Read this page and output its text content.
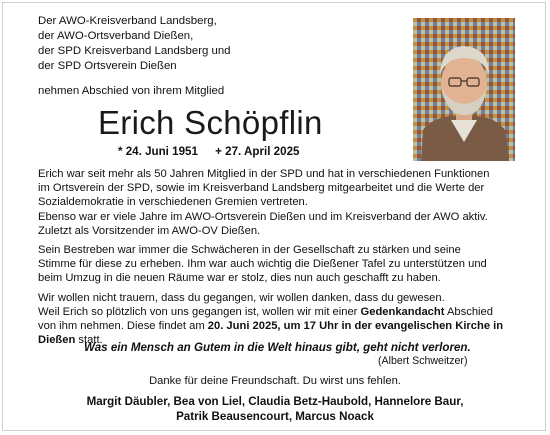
Der AWO-Kreisverband Landsberg,
der AWO-Ortsverband Dießen,
der SPD Kreisverband Landsberg und
der SPD Ortsverein Dießen
nehmen Abschied von ihrem Mitglied
Erich Schöpflin
* 24. Juni 1951 + 27. April 2025

Erich war seit mehr als 50 Jahren Mitglied in der SPD und hat in verschiedenen Funktionen
im Ortsverein der SPD, sowie im Kreisverband Landsberg mitgearbeitet und die Werte der
Sozialdemokratie in verschiedenen Gremien vertreten.
Ebenso war er viele Jahre im AWO-Ortsverein Dießen und im Kreisverband der AWO aktiv.
Zuletzt als Vorsitzender im AWO-OV Dießen.

Sein Bestreben war immer die Schwächeren in der Gesellschaft zu stärken und seine
Stimme für diese zu erheben. Ihm war auch wichtig die Dießener Tafel zu unterstützen und
beim Umzug in die neuen Räume war er stolz, dies nun auch geschafft zu haben.

Wir wollen nicht trauern, dass du gegangen, wir wollen danken, dass du gewesen.
Weil Erich so plötzlich von uns gegangen ist, wollen wir mit einer Gedenkandacht Abschied
von ihm nehmen. Diese findet am 20. Juni 2025, um 17 Uhr in der evangelischen Kirche in
Dießen statt.

Was ein Mensch an Gutem in die Welt hinaus gibt, geht nicht verloren.
(Albert Schweitzer)
Danke für deine Freundschaft. Du wirst uns fehlen.
Margit Däubler, Bea von Liel, Claudia Betz-Haubold, Hannelore Baur,
Patrik Beausencourt, Marcus Noack
